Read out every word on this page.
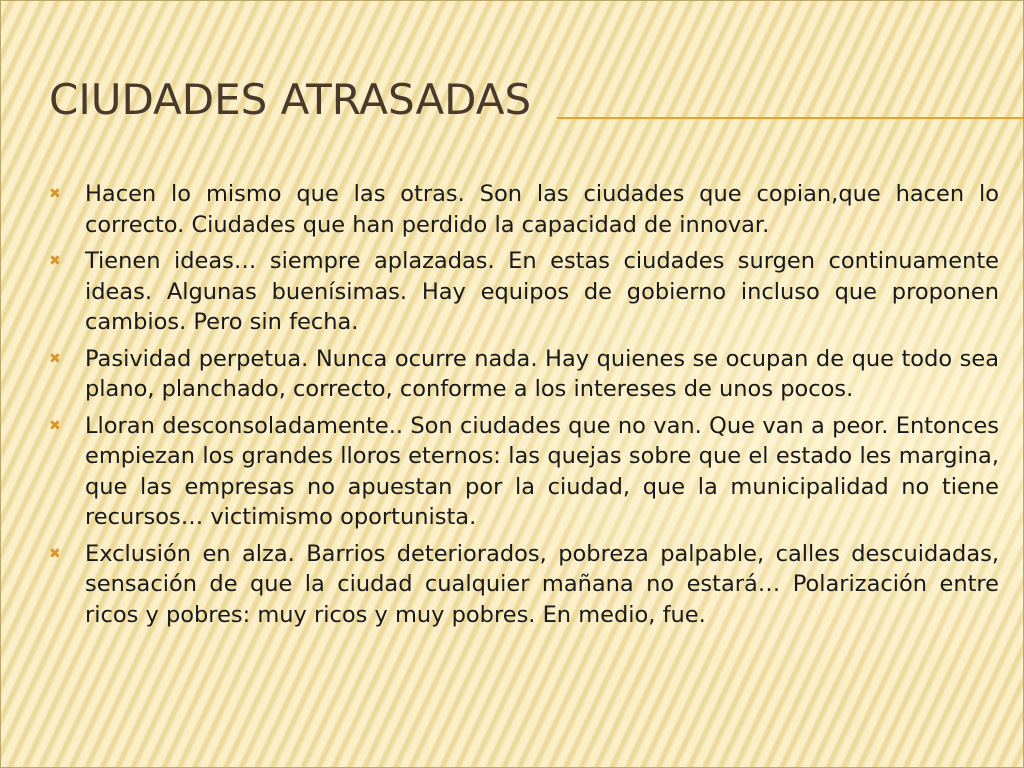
CIUDADES ATRASADAS
✖ Hacen lo mismo que las otras. Son las ciudades que copian,que hacen lo correcto. Ciudades que han perdido la capacidad de innovar.
✖ Tienen ideas… siempre aplazadas. En estas ciudades surgen continuamente ideas. Algunas buenísimas. Hay equipos de gobierno incluso que proponen cambios. Pero sin fecha.
✖ Pasividad perpetua. Nunca ocurre nada. Hay quienes se ocupan de que todo sea plano, planchado, correcto, conforme a los intereses de unos pocos.
✖ Lloran desconsoladamente.. Son ciudades que no van. Que van a peor. Entonces empiezan los grandes lloros eternos: las quejas sobre que el estado les margina, que las empresas no apuestan por la ciudad, que la municipalidad no tiene recursos… victimismo oportunista.
✖ Exclusión en alza. Barrios deteriorados, pobreza palpable, calles descuidadas, sensación de que la ciudad cualquier mañana no estará… Polarización entre ricos y pobres: muy ricos y muy pobres. En medio, fue.
